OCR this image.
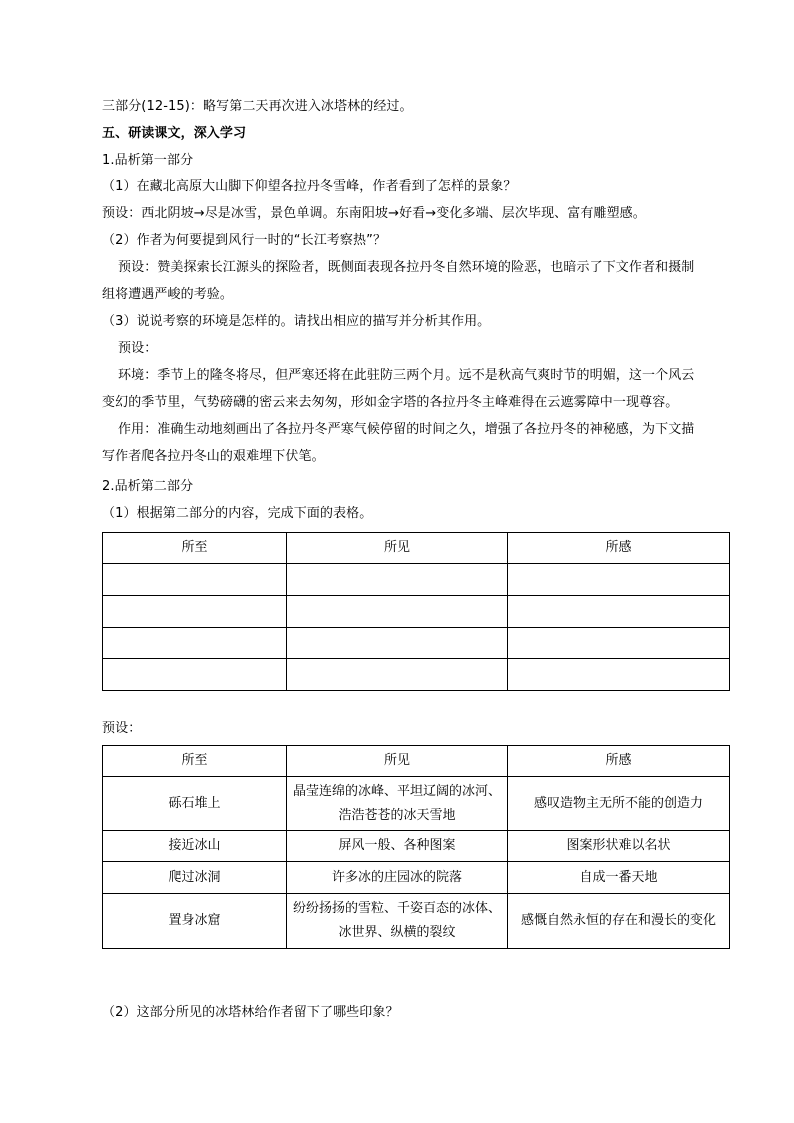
三部分(12-15)：略写第二天再次进入冰塔林的经过。
五、研读课文，深入学习
1.品析第一部分
（1）在藏北高原大山脚下仰望各拉丹冬雪峰，作者看到了怎样的景象？
预设：西北阴坡→尽是冰雪，景色单调。东南阳坡→好看→变化多端、层次毕现、富有雕塑感。
（2）作者为何要提到风行一时的“长江考察热”？
预设：赞美探索长江源头的探险者，既侧面表现各拉丹冬自然环境的险恶，也暗示了下文作者和摄制
组将遭遇严峻的考验。
（3）说说考察的环境是怎样的。请找出相应的描写并分析其作用。
预设：
环境：季节上的隆冬将尽，但严寒还将在此驻防三两个月。远不是秋高气爽时节的明媚，这一个风云
变幻的季节里，气势磅礴的密云来去匆匆，形如金字塔的各拉丹冬主峰难得在云遮雾障中一现尊容。
作用：准确生动地刻画出了各拉丹冬严寒气候停留的时间之久，增强了各拉丹冬的神秘感，为下文描
写作者爬各拉丹冬山的艰难埋下伏笔。
2.品析第二部分
（1）根据第二部分的内容，完成下面的表格。
所至	所见	所感

预设：
所至	所见	所感
砾石堆上	晶莹连绵的冰峰、平坦辽阔的冰河、浩浩苍苍的冰天雪地	感叹造物主无所不能的创造力
接近冰山	屏风一般、各种图案	图案形状难以名状
爬过冰洞	许多冰的庄园冰的院落	自成一番天地
置身冰窟	纷纷扬扬的雪粒、千姿百态的冰体、冰世界、纵横的裂纹	感慨自然永恒的存在和漫长的变化
（2）这部分所见的冰塔林给作者留下了哪些印象？
